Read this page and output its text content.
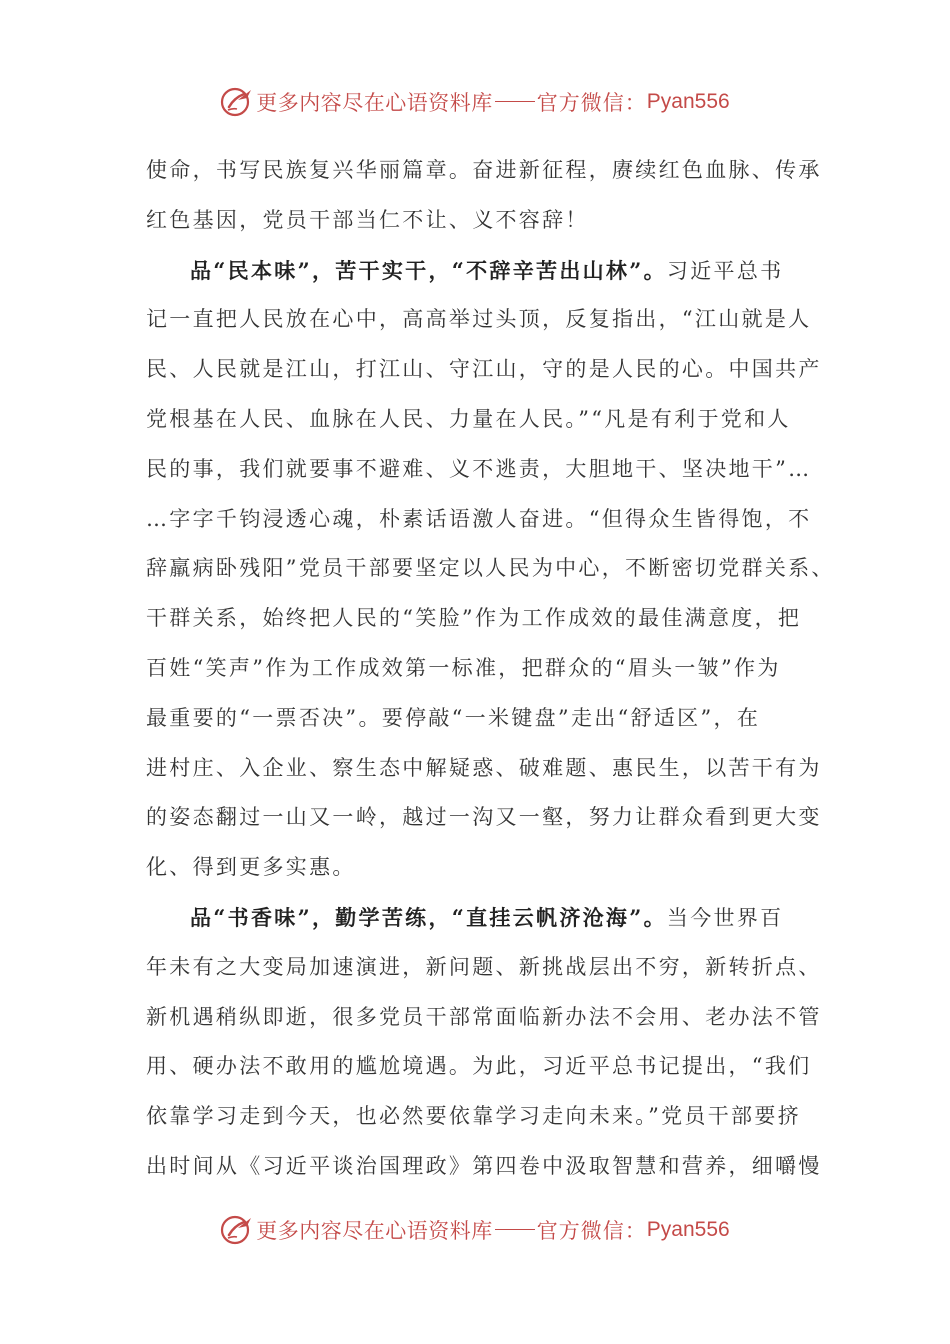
更多内容尽在心语资料库 官方微信： Pyan556
使命，书写民族复兴华丽篇章。奋进新征程，赓续红色血脉、传承
红色基因，党员干部当仁不让、义不容辞！
品“民本味”，苦干实干，“不辞辛苦出山林”。习近平总书
记一直把人民放在心中，高高举过头顶，反复指出，“江山就是人
民、人民就是江山，打江山、守江山，守的是人民的心。中国共产
党根基在人民、血脉在人民、力量在人民。”“凡是有利于党和人
民的事，我们就要事不避难、义不逃责，大胆地干、坚决地干”…
…字字千钧浸透心魂，朴素话语激人奋进。“但得众生皆得饱，不
辞羸病卧残阳”党员干部要坚定以人民为中心，不断密切党群关系、
干群关系，始终把人民的“笑脸”作为工作成效的最佳满意度，把
百姓“笑声”作为工作成效第一标准，把群众的“眉头一皱”作为
最重要的“一票否决”。要停敲“一米键盘”走出“舒适区”，在
进村庄、入企业、察生态中解疑惑、破难题、惠民生，以苦干有为
的姿态翻过一山又一岭，越过一沟又一壑，努力让群众看到更大变
化、得到更多实惠。
品“书香味”，勤学苦练，“直挂云帆济沧海”。当今世界百
年未有之大变局加速演进，新问题、新挑战层出不穷，新转折点、
新机遇稍纵即逝，很多党员干部常面临新办法不会用、老办法不管
用、硬办法不敢用的尴尬境遇。为此，习近平总书记提出，“我们
依靠学习走到今天，也必然要依靠学习走向未来。”党员干部要挤
出时间从《习近平谈治国理政》第四卷中汲取智慧和营养，细嚼慢
更多内容尽在心语资料库 官方微信： Pyan556
